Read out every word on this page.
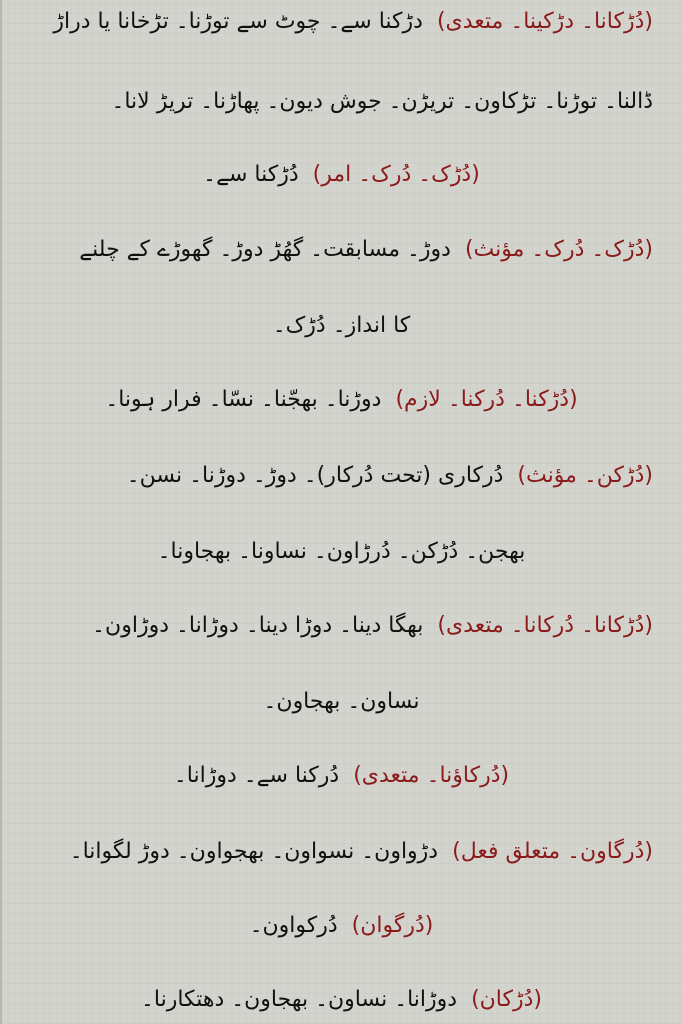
(دُڑکانا۔ دڑکینا۔ متعدی)دڑکنا سے۔ چوٹ سے توڑنا۔ تڑخانا یا دراڑ
ڈالنا۔ توڑنا۔ تڑکاون۔ تریڑن۔ جوش دیون۔ پھاڑنا۔ تریڑ لانا۔
(دُڑک۔ دُرک۔ امر)دُڑکنا سے۔
(دُڑک۔ دُرک۔ مؤنث)دوڑ۔ مسابقت۔ گھُڑ دوڑ۔ گھوڑے کے چلنے
کا انداز۔ دُڑک۔
(دُڑکنا۔ دُرکنا۔ لازم)دوڑنا۔ بھجّنا۔ نسّا۔ فرار ہونا۔
(دُڑکن۔ مؤنث)دُرکاری (تحت دُرکار)۔ دوڑ۔ دوڑنا۔ نسن۔
بھجن۔ دُڑکن۔ دُرڑاون۔ نساونا۔ بھجاونا۔
(دُڑکانا۔ دُرکانا۔ متعدی)بھگا دینا۔ دوڑا دینا۔ دوڑانا۔ دوڑاون۔
نساون۔ بھجاون۔
(دُرکاؤنا۔ متعدی)دُرکنا سے۔ دوڑانا۔
(دُرگاون۔ متعلق فعل)دڑواون۔ نسواون۔ بھجواون۔ دوڑ لگوانا۔
(دُرگوان)دُرکواون۔
(دُڑکان)دوڑانا۔ نساون۔ بھجاون۔ دھتکارنا۔
